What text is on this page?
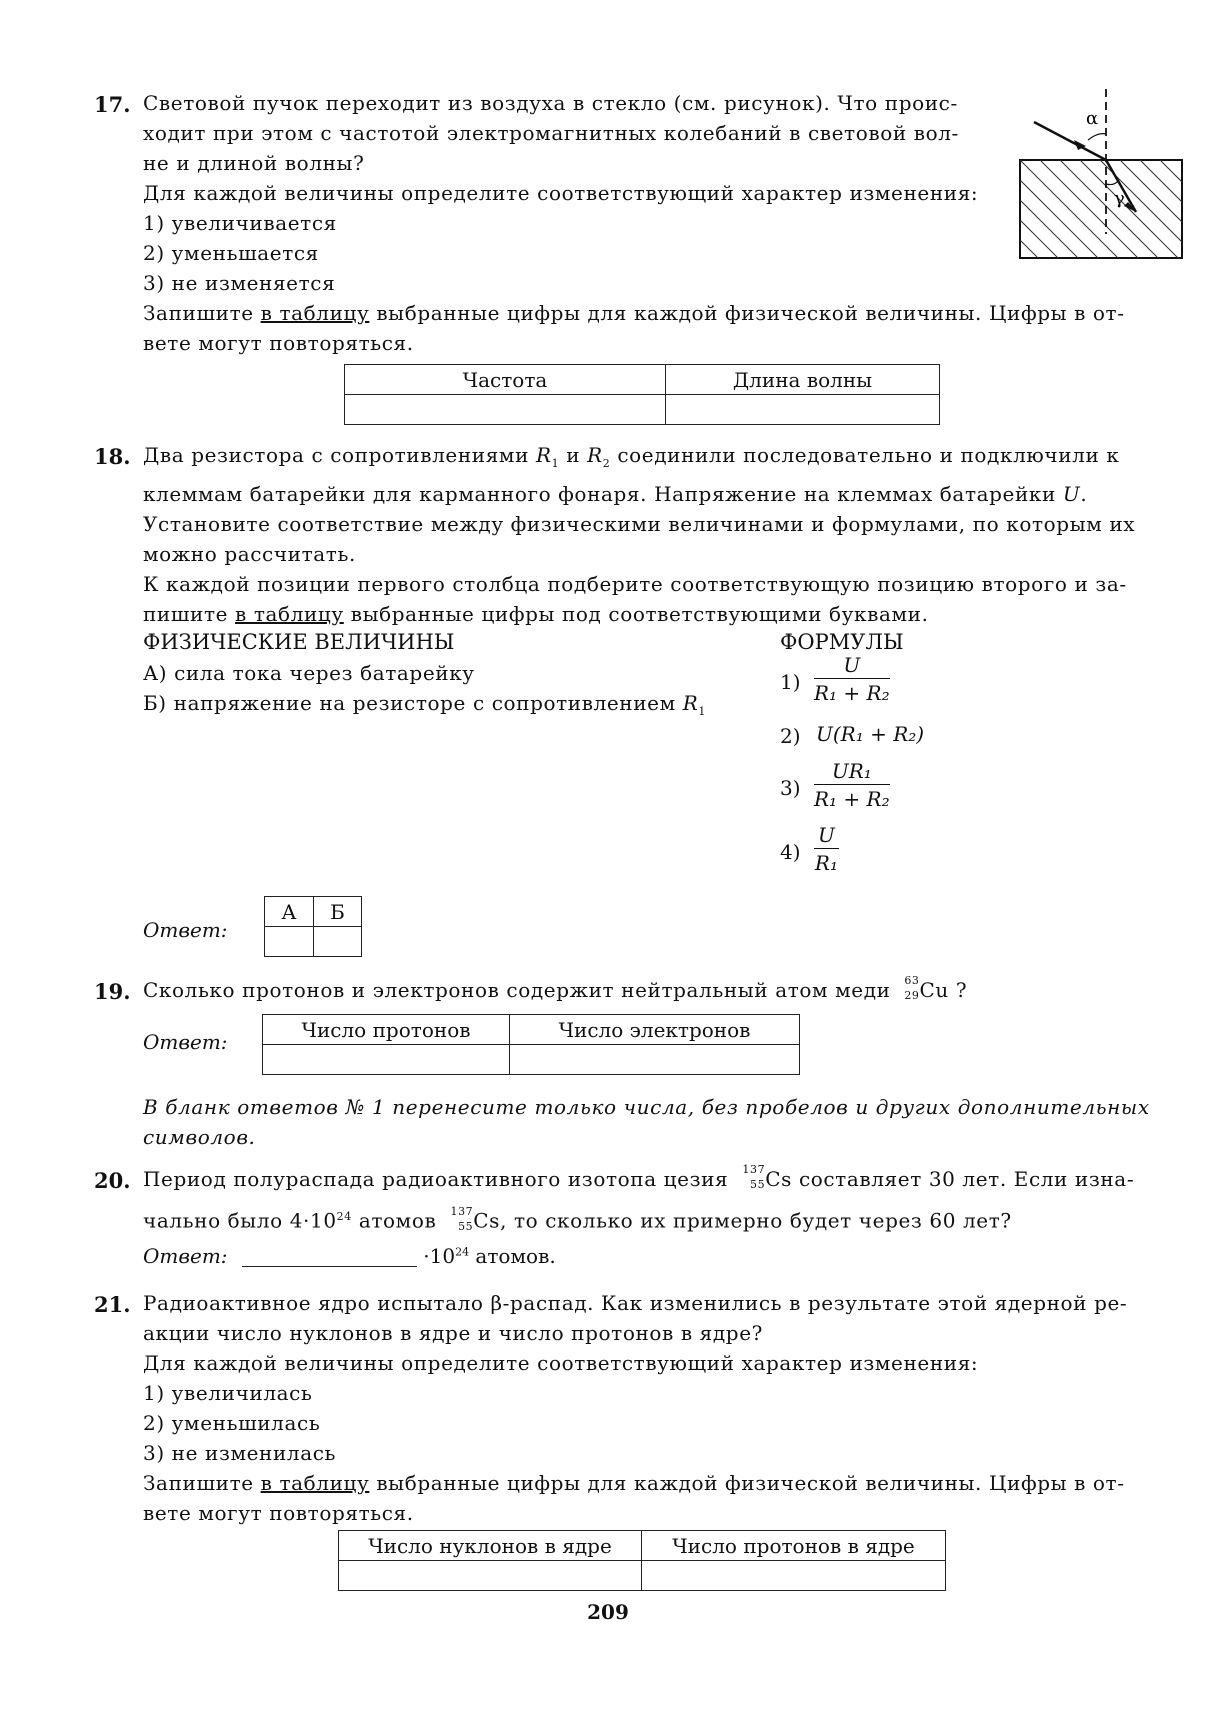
17. Световой пучок переходит из воздуха в стекло (см. рисунок). Что проис-
ходит при этом с частотой электромагнитных колебаний в световой вол-
не и длиной волны?
Для каждой величины определите соответствующий характер изменения:
1) увеличивается
2) уменьшается
3) не изменяется
Запишите в таблицу выбранные цифры для каждой физической величины. Цифры в от-
вете могут повторяться.
α
γ
Частота	Длина волны

18. Два резистора с сопротивлениями $R_1$ и $R_2$ соединили последовательно и подключили к
клеммам батарейки для карманного фонаря. Напряжение на клеммах батарейки U.
Установите соответствие между физическими величинами и формулами, по которым их
можно рассчитать.
К каждой позиции первого столбца подберите соответствующую позицию второго и за-
пишите в таблицу выбранные цифры под соответствующими буквами.
ФИЗИЧЕСКИЕ ВЕЛИЧИНЫ	ФОРМУЛЫ
А) сила тока через батарейку
Б) напряжение на резисторе с сопротивлением $R_1$
$1) \frac{U}{\text{R₁ + R₂}}$
2) U(R₁ + R₂)
$3) \frac{\text{UR₁}}{\text{R₁ + R₂}}$
$4) \frac{U}{\text{R₁}}$
Ответ:
А	Б

19. Сколько протонов и электронов содержит нейтральный атом меди 63
29 Cu ?
Ответ:
Число протонов	Число электронов

В бланк ответов № 1 перенесите только числа, без пробелов и других дополнительных
символов.
20. Период полураспада радиоактивного изотопа цезия 137
55 Cs составляет 30 лет. Если изна-
чально было $4\cdot 10^{24}$ атомов 137
55 Cs, то сколько их примерно будет через 60 лет?
Ответ:	$\cdot 10^{24}$ атомов.
21. Радиоактивное ядро испытало β-распад. Как изменились в результате этой ядерной ре-
акции число нуклонов в ядре и число протонов в ядре?
Для каждой величины определите соответствующий характер изменения:
1) увеличилась
2) уменьшилась
3) не изменилась
Запишите в таблицу выбранные цифры для каждой физической величины. Цифры в от-
вете могут повторяться.
Число нуклонов в ядре	Число протонов в ядре

209
